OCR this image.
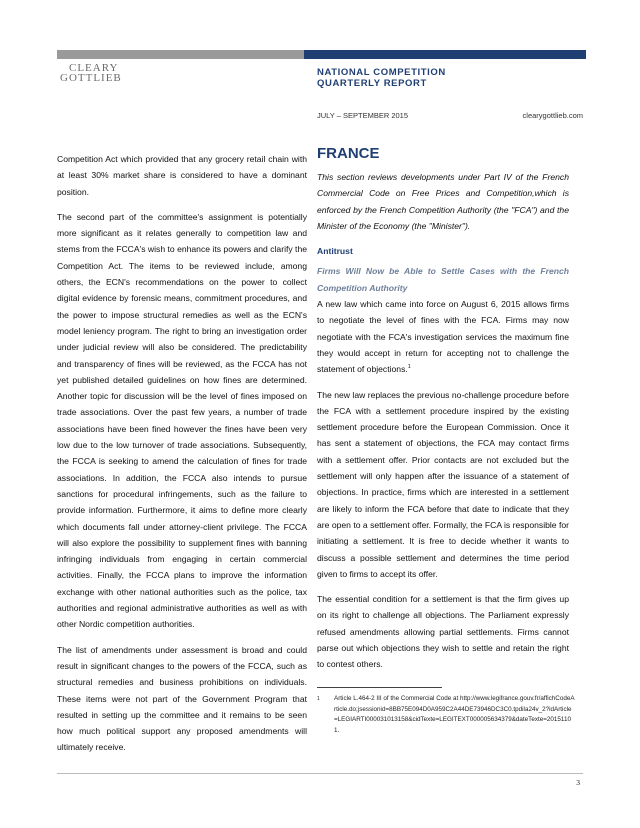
CLEARY
GOTTLIEB	NATIONAL COMPETITION
QUARTERLY REPORT
JULY – SEPTEMBER 2015	clearygottlieb.com

Competition Act which provided that any grocery retail chain with at least 30% market share is considered to have a dominant position.

The second part of the committee's assignment is potentially more significant as it relates generally to competition law and stems from the FCCA's wish to enhance its powers and clarify the Competition Act. The items to be reviewed include, among others, the ECN's recommendations on the power to collect digital evidence by forensic means, commitment procedures, and the power to impose structural remedies as well as the ECN's model leniency program. The right to bring an investigation order under judicial review will also be considered. The predictability and transparency of fines will be reviewed, as the FCCA has not yet published detailed guidelines on how fines are determined. Another topic for discussion will be the level of fines imposed on trade associations. Over the past few years, a number of trade associations have been fined however the fines have been very low due to the low turnover of trade associations. Subsequently, the FCCA is seeking to amend the calculation of fines for trade associations. In addition, the FCCA also intends to pursue sanctions for procedural infringements, such as the failure to provide information. Furthermore, it aims to define more clearly which documents fall under attorney-client privilege. The FCCA will also explore the possibility to supplement fines with banning infringing individuals from engaging in certain commercial activities. Finally, the FCCA plans to improve the information exchange with other national authorities such as the police, tax authorities and regional administrative authorities as well as with other Nordic competition authorities.

The list of amendments under assessment is broad and could result in significant changes to the powers of the FCCA, such as structural remedies and business prohibitions on individuals. These items were not part of the Government Program that resulted in setting up the committee and it remains to be seen how much political support any proposed amendments will ultimately receive.

FRANCE

This section reviews developments under Part IV of the French Commercial Code on Free Prices and Competition,which is enforced by the French Competition Authority (the "FCA") and the Minister of the Economy (the "Minister").

Antitrust

Firms Will Now be Able to Settle Cases with the French Competition Authority

A new law which came into force on August 6, 2015 allows firms to negotiate the level of fines with the FCA. Firms may now negotiate with the FCA's investigation services the maximum fine they would accept in return for accepting not to challenge the statement of objections.$^1$

The new law replaces the previous no-challenge procedure before the FCA with a settlement procedure inspired by the existing settlement procedure before the European Commission. Once it has sent a statement of objections, the FCA may contact firms with a settlement offer. Prior contacts are not excluded but the settlement will only happen after the issuance of a statement of objections. In practice, firms which are interested in a settlement are likely to inform the FCA before that date to indicate that they are open to a settlement offer. Formally, the FCA is responsible for initiating a settlement. It is free to decide whether it wants to discuss a possible settlement and determines the time period given to firms to accept its offer.

The essential condition for a settlement is that the firm gives up on its right to challenge all objections. The Parliament expressly refused amendments allowing partial settlements. Firms cannot parse out which objections they wish to settle and retain the right to contest others.

1 Article L.464-2 III of the Commercial Code at http://www.legifrance.gouv.fr/affichCodeArticle.do;jsessionid=8BB75E094D0A959C2A44DE73946DC3C0.tpdila24v_2?idArticle=LEGIARTI000031013158&cidTexte=LEGITEXT000005634379&dateTexte=20151101.
3
